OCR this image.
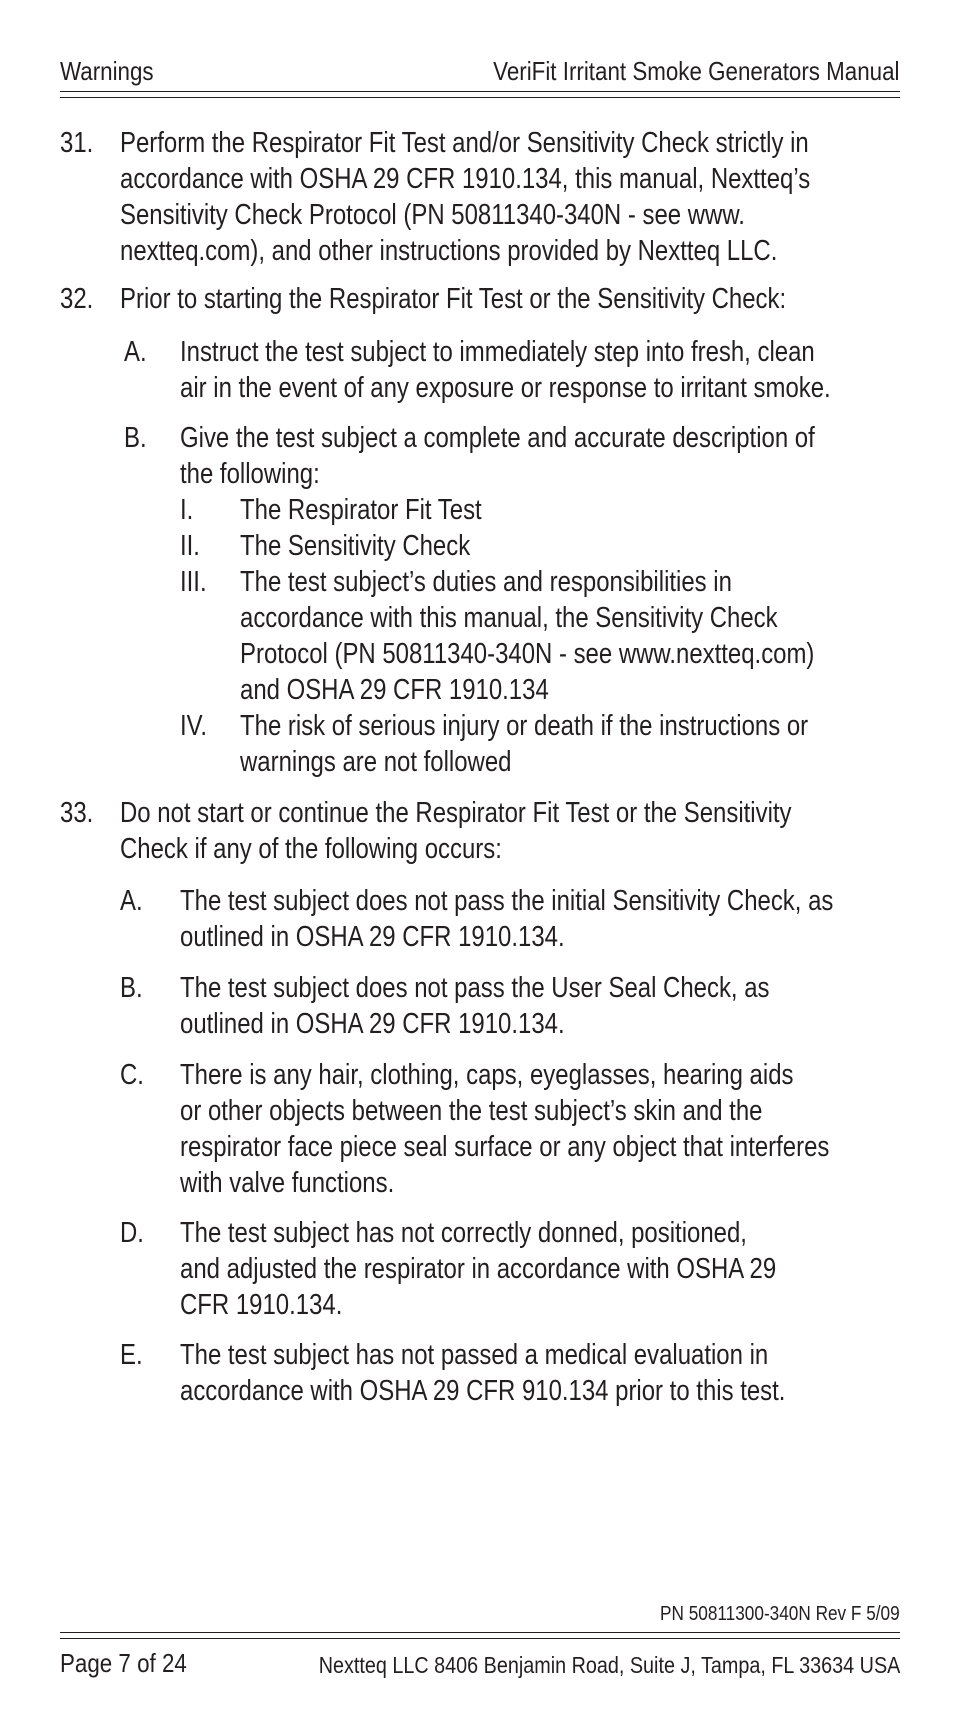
Warnings	VeriFit Irritant Smoke Generators Manual
31. Perform the Respirator Fit Test and/or Sensitivity Check strictly in
accordance with OSHA 29 CFR 1910.134, this manual, Nextteq’s
Sensitivity Check Protocol (PN 50811340-340N - see www.
nextteq.com), and other instructions provided by Nextteq LLC.
32. Prior to starting the Respirator Fit Test or the Sensitivity Check:
A. Instruct the test subject to immediately step into fresh, clean
air in the event of any exposure or response to irritant smoke.
B. Give the test subject a complete and accurate description of
the following:
I. The Respirator Fit Test
II. The Sensitivity Check
III. The test subject’s duties and responsibilities in
accordance with this manual, the Sensitivity Check
Protocol (PN 50811340-340N - see www.nextteq.com)
and OSHA 29 CFR 1910.134
IV. The risk of serious injury or death if the instructions or
warnings are not followed
33. Do not start or continue the Respirator Fit Test or the Sensitivity
Check if any of the following occurs:
A. The test subject does not pass the initial Sensitivity Check, as
outlined in OSHA 29 CFR 1910.134.
B. The test subject does not pass the User Seal Check, as
outlined in OSHA 29 CFR 1910.134.
C. There is any hair, clothing, caps, eyeglasses, hearing aids
or other objects between the test subject’s skin and the
respirator face piece seal surface or any object that interferes
with valve functions.
D. The test subject has not correctly donned, positioned,
and adjusted the respirator in accordance with OSHA 29
CFR 1910.134.
E. The test subject has not passed a medical evaluation in
accordance with OSHA 29 CFR 910.134 prior to this test.
PN 50811300-340N Rev F 5/09
Page 7 of 24	Nextteq LLC 8406 Benjamin Road, Suite J, Tampa, FL 33634 USA
